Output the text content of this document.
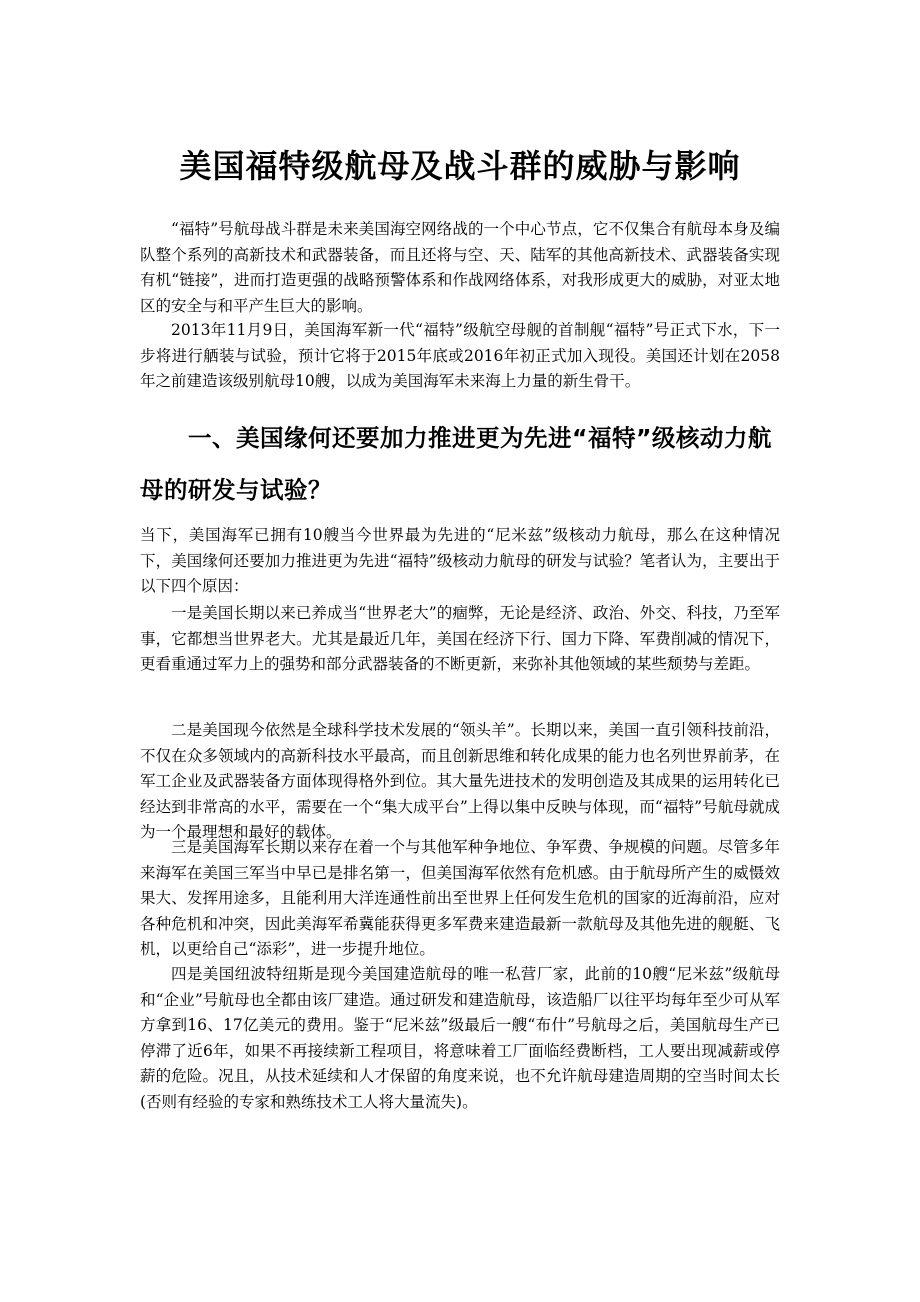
美国福特级航母及战斗群的威胁与影响

“福特”号航母战斗群是未来美国海空网络战的一个中心节点，它不仅集合有航母本身及编队整个系列的高新技术和武器装备，而且还将与空、天、陆军的其他高新技术、武器装备实现有机“链接”，进而打造更强的战略预警体系和作战网络体系，对我形成更大的威胁，对亚太地区的安全与和平产生巨大的影响。

2013年11月9日，美国海军新一代“福特”级航空母舰的首制舰“福特”号正式下水，下一步将进行舾装与试验，预计它将于2015年底或2016年初正式加入现役。美国还计划在2058年之前建造该级别航母10艘，以成为美国海军未来海上力量的新生骨干。

一、美国缘何还要加力推进更为先进“福特”级核动力航母的研发与试验？

当下，美国海军已拥有10艘当今世界最为先进的“尼米兹”级核动力航母，那么在这种情况下，美国缘何还要加力推进更为先进“福特”级核动力航母的研发与试验？笔者认为，主要出于以下四个原因：

一是美国长期以来已养成当“世界老大”的痼弊，无论是经济、政治、外交、科技，乃至军事，它都想当世界老大。尤其是最近几年，美国在经济下行、国力下降、军费削减的情况下，更看重通过军力上的强势和部分武器装备的不断更新，来弥补其他领域的某些颓势与差距。

二是美国现今依然是全球科学技术发展的“领头羊”。长期以来，美国一直引领科技前沿，不仅在众多领域内的高新科技水平最高，而且创新思维和转化成果的能力也名列世界前茅，在军工企业及武器装备方面体现得格外到位。其大量先进技术的发明创造及其成果的运用转化已经达到非常高的水平，需要在一个“集大成平台”上得以集中反映与体现，而“福特”号航母就成为一个最理想和最好的载体。

三是美国海军长期以来存在着一个与其他军种争地位、争军费、争规模的问题。尽管多年来海军在美国三军当中早已是排名第一，但美国海军依然有危机感。由于航母所产生的威慑效果大、发挥用途多，且能利用大洋连通性前出至世界上任何发生危机的国家的近海前沿，应对各种危机和冲突，因此美海军希冀能获得更多军费来建造最新一款航母及其他先进的舰艇、飞机，以更给自己“添彩”，进一步提升地位。

四是美国纽波特纽斯是现今美国建造航母的唯一私营厂家，此前的10艘“尼米兹”级航母和“企业”号航母也全都由该厂建造。通过研发和建造航母，该造船厂以往平均每年至少可从军方拿到16、17亿美元的费用。鉴于“尼米兹”级最后一艘“布什”号航母之后，美国航母生产已停滞了近6年，如果不再接续新工程项目，将意味着工厂面临经费断档，工人要出现减薪或停薪的危险。况且，从技术延续和人才保留的角度来说，也不允许航母建造周期的空当时间太长(否则有经验的专家和熟练技术工人将大量流失)。
